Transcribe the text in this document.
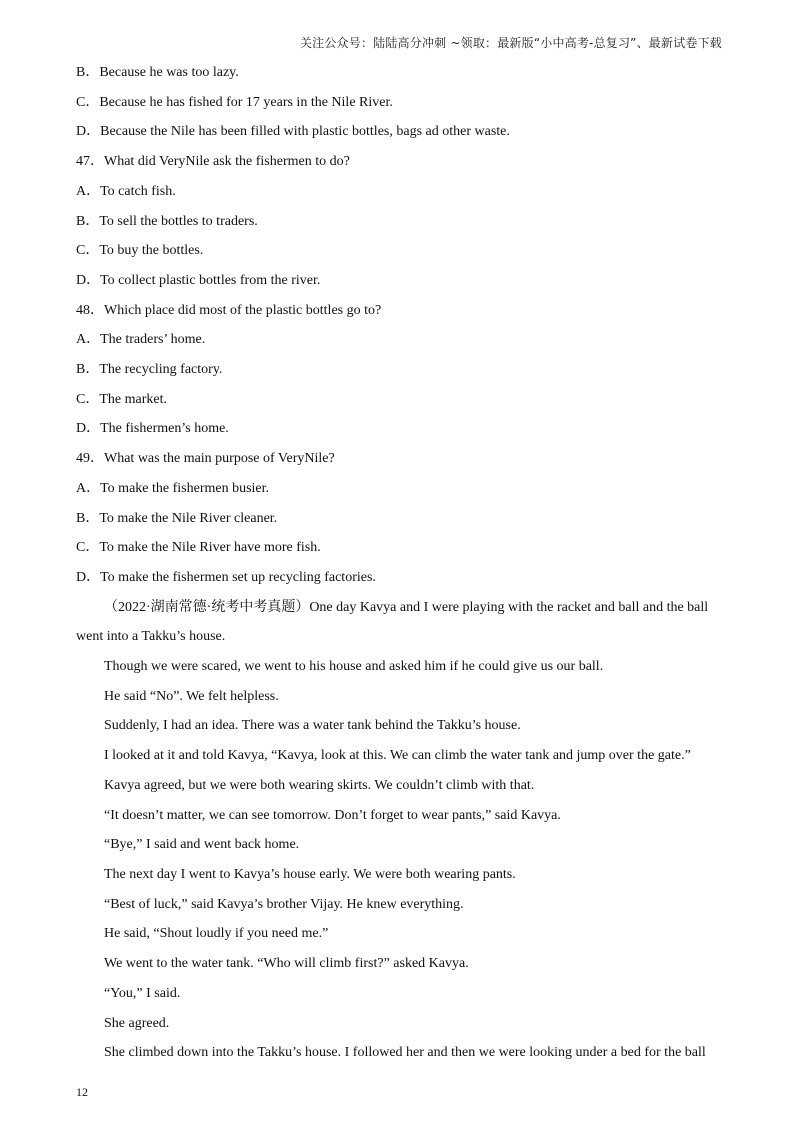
关注公众号：陆陆高分冲刺 ~领取：最新版“小中高考-总复习”、最新试卷下载

B．Because he was too lazy.

C．Because he has fished for 17 years in the Nile River.

D．Because the Nile has been filled with plastic bottles, bags ad other waste.

47．What did VeryNile ask the fishermen to do?

A．To catch fish.

B．To sell the bottles to traders.

C．To buy the bottles.

D．To collect plastic bottles from the river.

48．Which place did most of the plastic bottles go to?

A．The traders’ home.

B．The recycling factory.

C．The market.

D．The fishermen’s home.

49．What was the main purpose of VeryNile?

A．To make the fishermen busier.

B．To make the Nile River cleaner.

C．To make the Nile River have more fish.

D．To make the fishermen set up recycling factories.

（2022·湖南常德·统考中考真题）One day Kavya and I were playing with the racket and ball and the ball

went into a Takku’s house.

Though we were scared, we went to his house and asked him if he could give us our ball.

He said “No”. We felt helpless.

Suddenly, I had an idea. There was a water tank behind the Takku’s house.

I looked at it and told Kavya, “Kavya, look at this. We can climb the water tank and jump over the gate.”

Kavya agreed, but we were both wearing skirts. We couldn’t climb with that.

“It doesn’t matter, we can see tomorrow. Don’t forget to wear pants,” said Kavya.

“Bye,” I said and went back home.

The next day I went to Kavya’s house early. We were both wearing pants.

“Best of luck,” said Kavya’s brother Vijay. He knew everything.

He said, “Shout loudly if you need me.”

We went to the water tank. “Who will climb first?” asked Kavya.

“You,” I said.

She agreed.

She climbed down into the Takku’s house. I followed her and then we were looking under a bed for the ball

12
